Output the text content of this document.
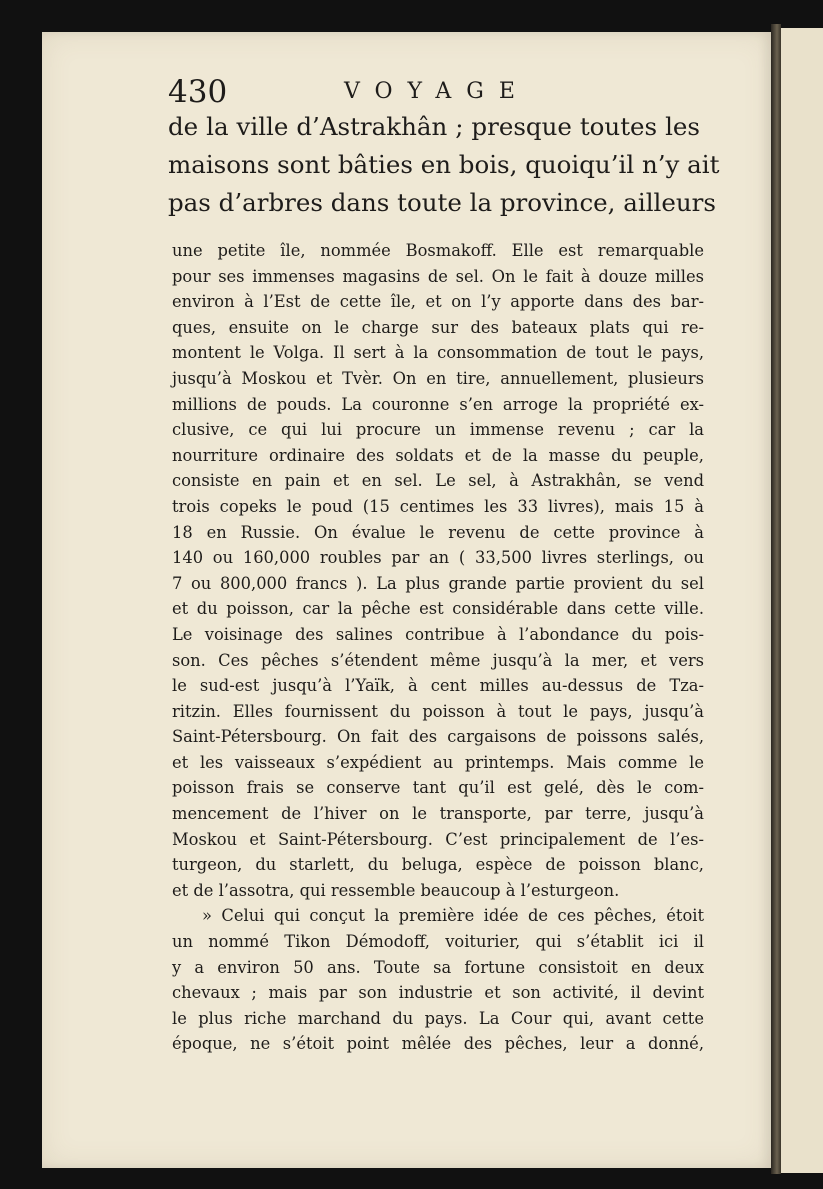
430	VOYAGE
de la ville d’Astrakhân ; presque toutes les
maisons sont bâties en bois, quoiqu’il n’y ait
pas d’arbres dans toute la province, ailleurs
une petite île, nommée Bosmakoff. Elle est remarquable
pour ses immenses magasins de sel. On le fait à douze milles
environ à l’Est de cette île, et on l’y apporte dans des bar-
ques, ensuite on le charge sur des bateaux plats qui re-
montent le Volga. Il sert à la consommation de tout le pays,
jusqu’à Moskou et Tvèr. On en tire, annuellement, plusieurs
millions de pouds. La couronne s’en arroge la propriété ex-
clusive, ce qui lui procure un immense revenu ; car la
nourriture ordinaire des soldats et de la masse du peuple,
consiste en pain et en sel. Le sel, à Astrakhân, se vend
trois copeks le poud (15 centimes les 33 livres), mais 15 à
18 en Russie. On évalue le revenu de cette province à
140 ou 160,000 roubles par an ( 33,500 livres sterlings, ou
7 ou 800,000 francs ). La plus grande partie provient du sel
et du poisson, car la pêche est considérable dans cette ville.
Le voisinage des salines contribue à l’abondance du pois-
son. Ces pêches s’étendent même jusqu’à la mer, et vers
le sud-est jusqu’à l’Yaïk, à cent milles au-dessus de Tza-
ritzin. Elles fournissent du poisson à tout le pays, jusqu’à
Saint-Pétersbourg. On fait des cargaisons de poissons salés,
et les vaisseaux s’expédient au printemps. Mais comme le
poisson frais se conserve tant qu’il est gelé, dès le com-
mencement de l’hiver on le transporte, par terre, jusqu’à
Moskou et Saint-Pétersbourg. C’est principalement de l’es-
turgeon, du starlett, du beluga, espèce de poisson blanc,
et de l’assotra, qui ressemble beaucoup à l’esturgeon.
» Celui qui conçut la première idée de ces pêches, étoit
un nommé Tikon Démodoff, voiturier, qui s’établit ici il
y a environ 50 ans. Toute sa fortune consistoit en deux
chevaux ; mais par son industrie et son activité, il devint
le plus riche marchand du pays. La Cour qui, avant cette
époque, ne s’étoit point mêlée des pêches, leur a donné,
